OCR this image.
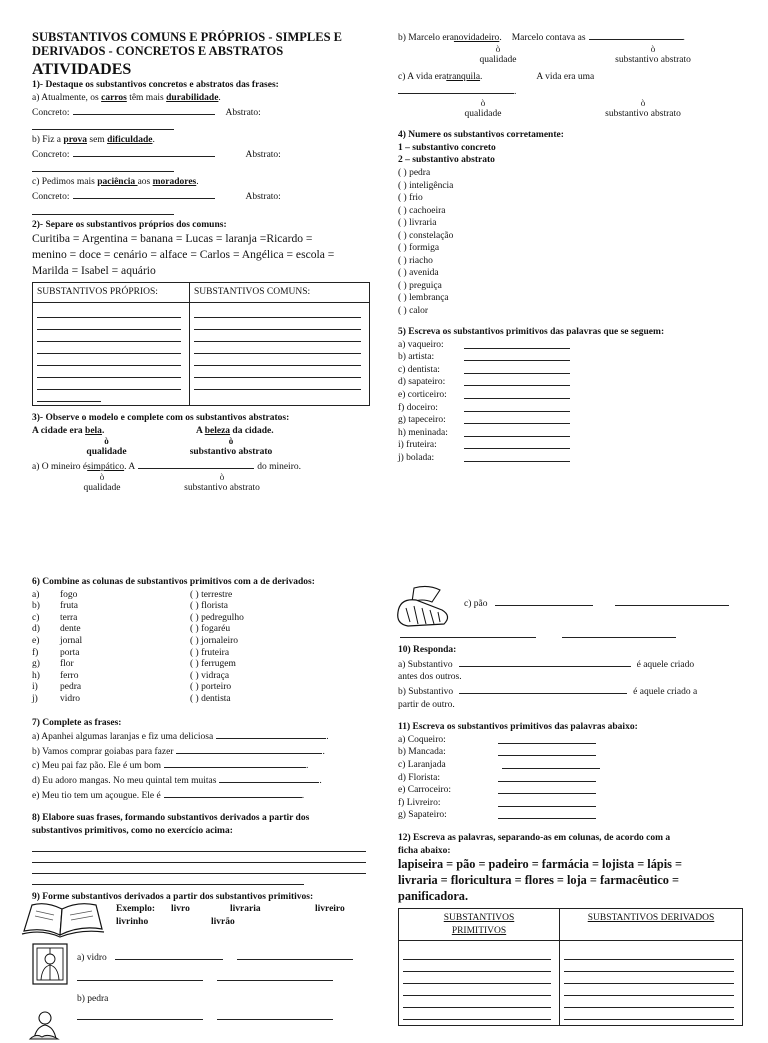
SUBSTANTIVOS COMUNS E PRÓPRIOS - SIMPLES E
DERIVADOS - CONCRETOS E ABSTRATOS
ATIVIDADES
1)- Destaque os substantivos concretos e abstratos das frases:
a) Atualmente, os carros têm mais durabilidade.
Concreto:	Abstrato:
b) Fiz a prova sem dificuldade.
Concreto:	Abstrato:
c) Pedimos mais paciência aos moradores.
Concreto:	Abstrato:
2)- Separe os substantivos próprios dos comuns:
Curitiba = Argentina = banana = Lucas = laranja =Ricardo =
menino = doce = cenário = alface = Carlos = Angélica = escola =
Marilda = Isabel = aquário
SUBSTANTIVOS PRÓPRIOS:	SUBSTANTIVOS COMUNS:

3)- Observe o modelo e complete com os substantivos abstratos:
A cidade era bela.	A beleza da cidade.
ò	ò
qualidade	substantivo abstrato
a) O mineiro é simpático . A	do mineiro.
ò	ò
qualidade	substantivo abstrato
b) Marcelo era novidadeiro . Marcelo contava as	.
ò	ò
qualidade	substantivo abstrato
c) A vida era tranquila .	A vida era uma
.
ò	ò
qualidade	substantivo abstrato
4) Numere os substantivos corretamente:
1 – substantivo concreto
2 – substantivo abstrato
( ) pedra
( ) inteligência
( ) frio
( ) cachoeira
( ) livraria
( ) constelação
( ) formiga
( ) riacho
( ) avenida
( ) preguiça
( ) lembrança
( ) calor
5) Escreva os substantivos primitivos das palavras que se seguem:
a) vaqueiro:
b) artista:
c) dentista:
d) sapateiro:
e) corticeiro:
f) doceiro:
g) tapeceiro:
h) meninada:
i) fruteira:
j) bolada:
6) Combine as colunas de substantivos primitivos com a de derivados:
a)	fogo	( ) terrestre
b)	fruta	( ) florista
c)	terra	( ) pedregulho
d)	dente	( ) fogaréu
e)	jornal	( ) jornaleiro
f)	porta	( ) fruteira
g)	flor	( ) ferrugem
h)	ferro	( ) vidraça
i)	pedra	( ) porteiro
j)	vidro	( ) dentista
7) Complete as frases:
a) Apanhei algumas laranjas e fiz uma deliciosa	.
b) Vamos comprar goiabas para fazer	.
c) Meu pai faz pão. Ele é um bom	.
d) Eu adoro mangas. No meu quintal tem muitas	.
e) Meu tio tem um açougue. Ele é	.
8) Elabore suas frases, formando substantivos derivados a partir dos
substantivos primitivos, como no exercício acima:
9) Forme substantivos derivados a partir dos substantivos primitivos:
Exemplo:	livro	livraria	livreiro
livrinho	livrão
a) vidro
b) pedra
c) pão
10) Responda:
a) Substantivo	é aquele criado
antes dos outros.
b) Substantivo	é aquele criado a
partir de outro.
11) Escreva os substantivos primitivos das palavras abaixo:
a) Coqueiro:
b) Mancada:
c) Laranjada
d) Florista:
e) Carroceiro:
f) Livreiro:
g) Sapateiro:
12) Escreva as palavras, separando-as em colunas, de acordo com a
ficha abaixo:
lapiseira = pão = padeiro = farmácia = lojista = lápis =
livraria = floricultura = flores = loja = farmacêutico =
panificadora.
SUBSTANTIVOS
PRIMITIVOS	SUBSTANTIVOS DERIVADOS
